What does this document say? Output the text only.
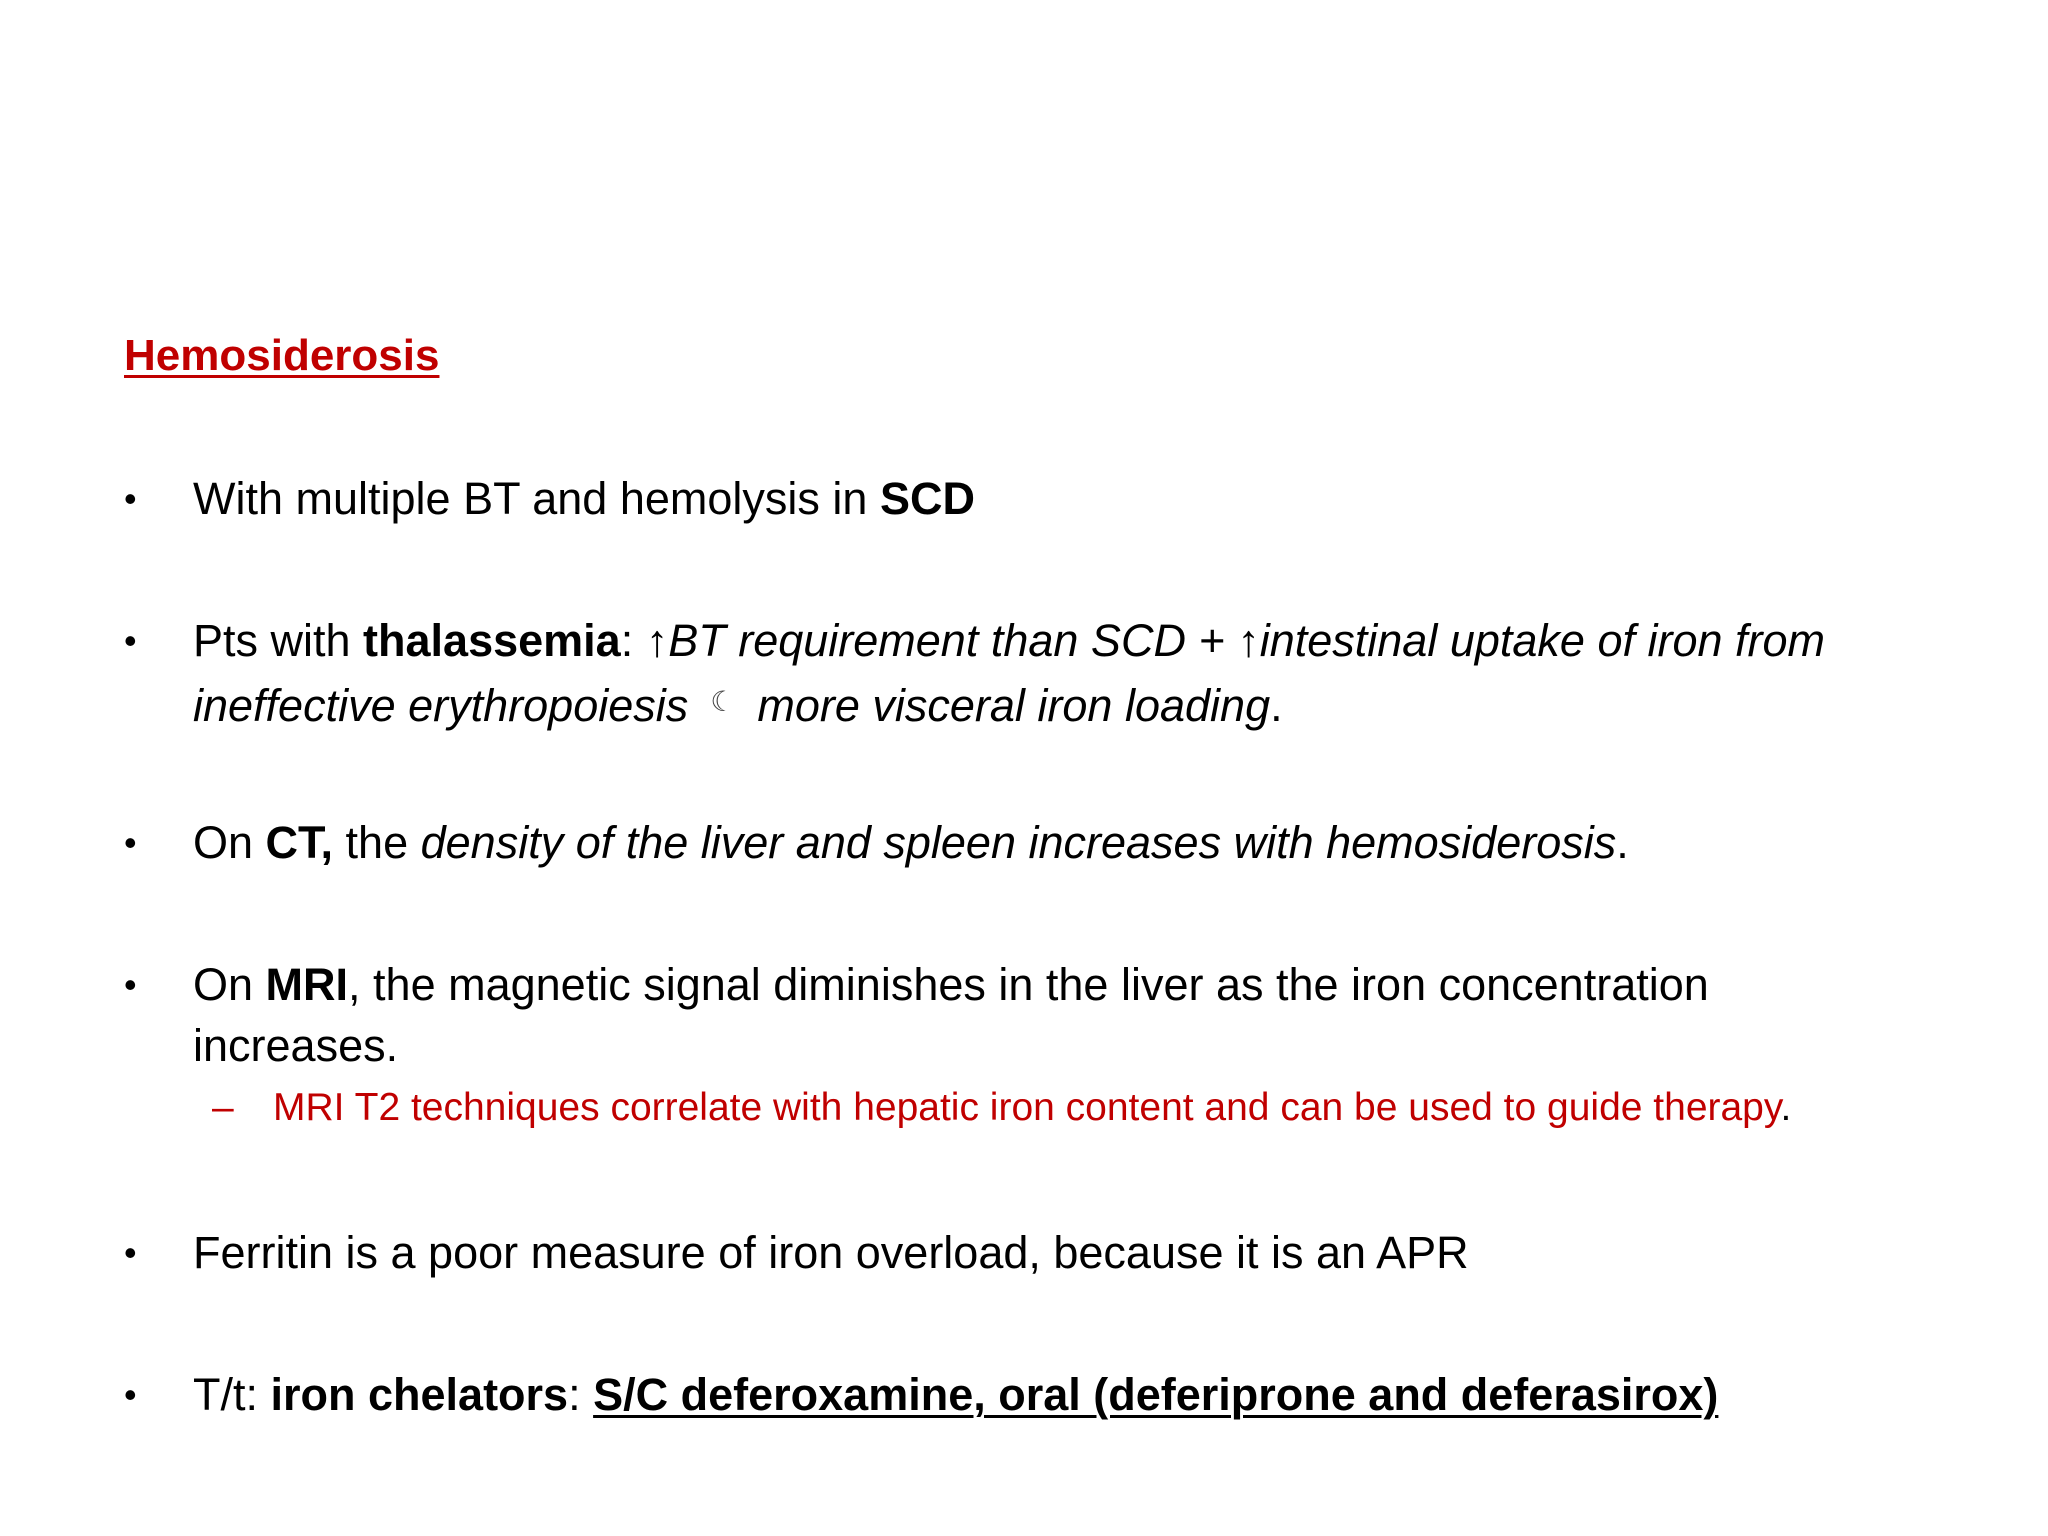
Hemosiderosis

•	With multiple BT and hemolysis in SCD

•	Pts with thalassemia: ↑BT requirement than SCD + ↑intestinal uptake of iron from ineffective erythropoiesis ☾ more visceral iron loading.

•	On CT, the density of the liver and spleen increases with hemosiderosis.

•	On MRI, the magnetic signal diminishes in the liver as the iron concentration increases.

–	MRI T2 techniques correlate with hepatic iron content and can be used to guide therapy.

•	Ferritin is a poor measure of iron overload, because it is an APR

•	T/t: iron chelators: S/C deferoxamine, oral (deferiprone and deferasirox)
